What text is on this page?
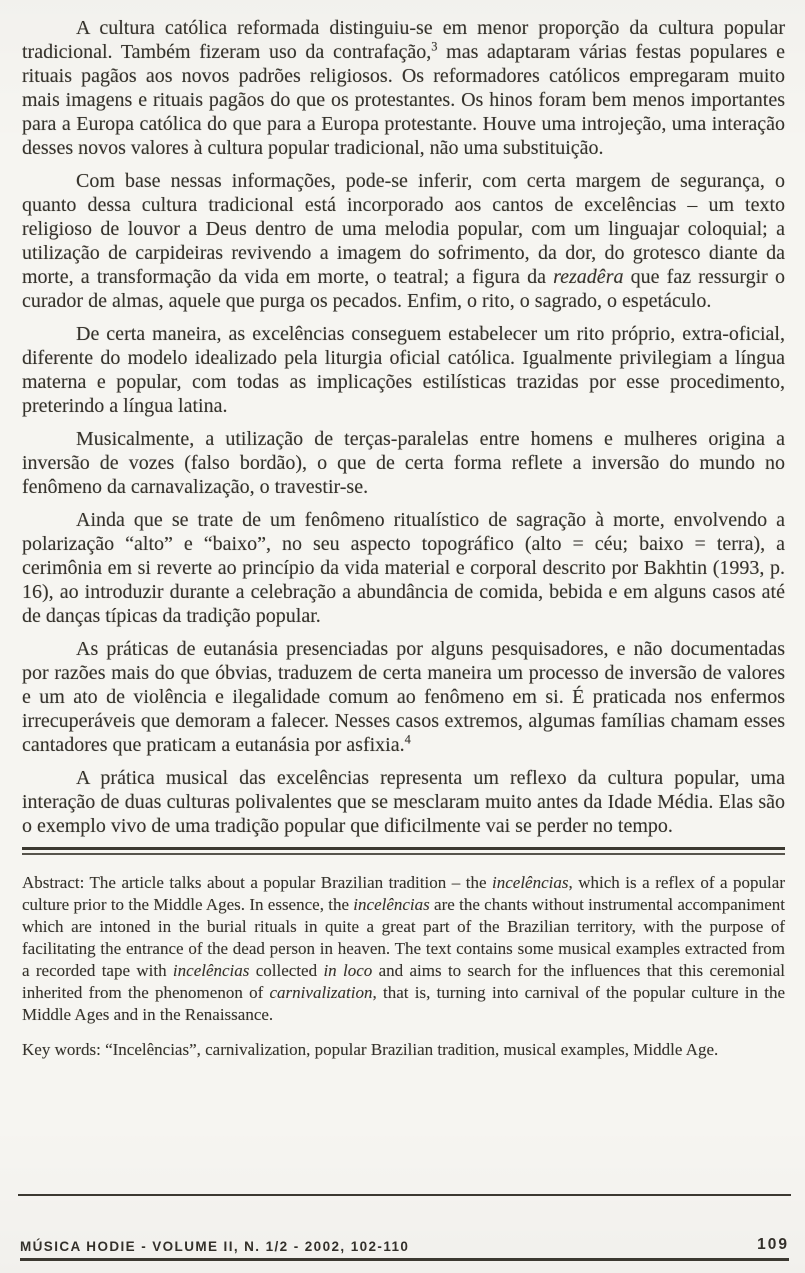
A cultura católica reformada distinguiu-se em menor proporção da cultura popular tradicional. Também fizeram uso da contrafação,$^3$ mas adaptaram várias festas populares e rituais pagãos aos novos padrões religiosos. Os reformadores católicos empregaram muito mais imagens e rituais pagãos do que os protestantes. Os hinos foram bem menos importantes para a Europa católica do que para a Europa protestante. Houve uma introjeção, uma interação desses novos valores à cultura popular tradicional, não uma substituição.

Com base nessas informações, pode-se inferir, com certa margem de segurança, o quanto dessa cultura tradicional está incorporado aos cantos de excelências – um texto religioso de louvor a Deus dentro de uma melodia popular, com um linguajar coloquial; a utilização de carpideiras revivendo a imagem do sofrimento, da dor, do grotesco diante da morte, a transformação da vida em morte, o teatral; a figura da rezadêra que faz ressurgir o curador de almas, aquele que purga os pecados. Enfim, o rito, o sagrado, o espetáculo.

De certa maneira, as excelências conseguem estabelecer um rito próprio, extra-oficial, diferente do modelo idealizado pela liturgia oficial católica. Igualmente privilegiam a língua materna e popular, com todas as implicações estilísticas trazidas por esse procedimento, preterindo a língua latina.

Musicalmente, a utilização de terças-paralelas entre homens e mulheres origina a inversão de vozes (falso bordão), o que de certa forma reflete a inversão do mundo no fenômeno da carnavalização, o travestir-se.

Ainda que se trate de um fenômeno ritualístico de sagração à morte, envolvendo a polarização “alto” e “baixo”, no seu aspecto topográfico (alto = céu; baixo = terra), a cerimônia em si reverte ao princípio da vida material e corporal descrito por Bakhtin (1993, p. 16), ao introduzir durante a celebração a abundância de comida, bebida e em alguns casos até de danças típicas da tradição popular.

As práticas de eutanásia presenciadas por alguns pesquisadores, e não documentadas por razões mais do que óbvias, traduzem de certa maneira um processo de inversão de valores e um ato de violência e ilegalidade comum ao fenômeno em si. É praticada nos enfermos irrecuperáveis que demoram a falecer. Nesses casos extremos, algumas famílias chamam esses cantadores que praticam a eutanásia por asfixia.$^4$

A prática musical das excelências representa um reflexo da cultura popular, uma interação de duas culturas polivalentes que se mesclaram muito antes da Idade Média. Elas são o exemplo vivo de uma tradição popular que dificilmente vai se perder no tempo.

Abstract: The article talks about a popular Brazilian tradition – the incelências, which is a reflex of a popular culture prior to the Middle Ages. In essence, the incelências are the chants without instrumental accompaniment which are intoned in the burial rituals in quite a great part of the Brazilian territory, with the purpose of facilitating the entrance of the dead person in heaven. The text contains some musical examples extracted from a recorded tape with incelências collected in loco and aims to search for the influences that this ceremonial inherited from the phenomenon of carnivalization, that is, turning into carnival of the popular culture in the Middle Ages and in the Renaissance.

Key words: “Incelências”, carnivalization, popular Brazilian tradition, musical examples, Middle Age.

MÚSICA HODIE - VOLUME II, N. 1/2 - 2002, 102-110	109
